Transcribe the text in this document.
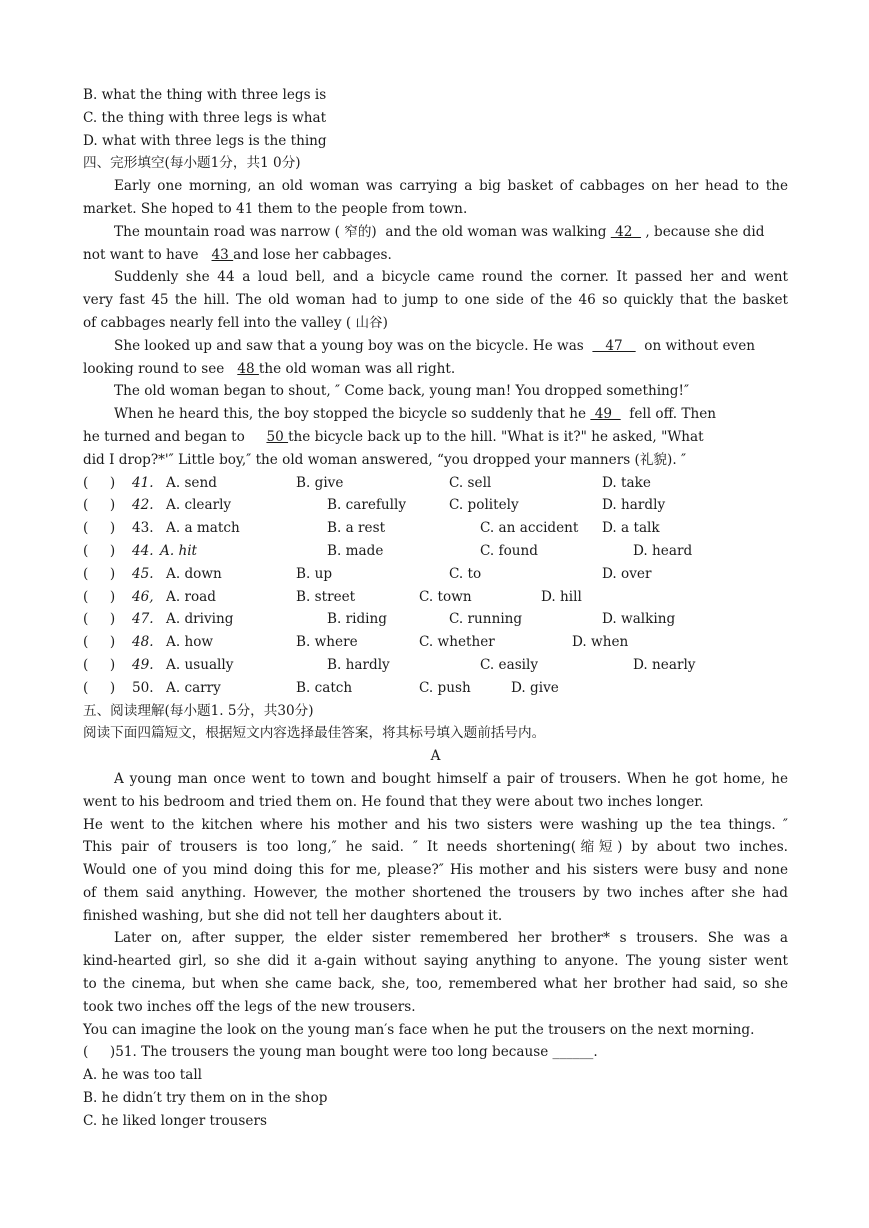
B. what the thing with three legs is
C. the thing with three legs is what
D. what with three legs is the thing
四、完形填空(每小题1分，共1 0分)
Early one morning, an old woman was carrying a big basket of cabbages on her head to the
market. She hoped to 41 them to the people from town.
The mountain road was narrow ( 窄的)  and the old woman was walking  42   , because she did
not want to have   43 and lose her cabbages.
Suddenly she 44 a loud bell, and a bicycle came round the corner. It passed her and went
very fast 45 the hill. The old woman had to jump to one side of the 46 so quickly that the basket
of cabbages nearly fell into the valley ( 山谷)
She looked up and saw that a young boy was on the bicycle. He was     47     on without even
looking round to see   48 the old woman was all right.
The old woman began to shout, ″ Come back, young man! You dropped something!″
When he heard this, the boy stopped the bicycle so suddenly that he  49    fell off. Then
he turned and began to     50 the bicycle back up to the hill. "What is it?" he asked, "What
did I drop?*'″ Little boy,″ the old woman answered, “you dropped your manners (礼貌). ″
(     ) 41. A. send	B. give	C. sell	D. take
(     ) 42. A. clearly	B. carefully	C. politely	D. hardly
(     ) 43. A. a match	B. a rest	C. an accident D. a talk
(     ) 44. A. hit	B. made	C. found	D. heard
(     ) 45. A. down	B. up	C. to	D. over
(     ) 46, A. road	B. street	C. town	D. hill
(     ) 47. A. driving	B. riding	C. running	D. walking
(     ) 48. A. how	B. where	C. whether	D. when
(     ) 49. A. usually	B. hardly	C. easily	D. nearly
(     ) 50. A. carry	B. catch	C. push	D. give
五、阅读理解(每小题1. 5分，共30分)
阅读下面四篇短文，根据短文内容选择最佳答案，将其标号填入题前括号内。
A
A young man once went to town and bought himself a pair of trousers. When he got home, he
went to his bedroom and tried them on. He found that they were about two inches longer.
He went to the kitchen where his mother and his two sisters were washing up the tea things. ″
This pair of trousers is too long,″ he said. ″ It needs shortening(缩短) by about two inches.
Would one of you mind doing this for me, please?″ His mother and his sisters were busy and none
of them said anything. However, the mother shortened the trousers by two inches after she had
finished washing, but she did not tell her daughters about it.
Later on, after supper, the elder sister remembered her brother* s trousers. She was a
kind-hearted girl, so she did it a-gain without saying anything to anyone. The young sister went
to the cinema, but when she came back, she, too, remembered what her brother had said, so she
took two inches off the legs of the new trousers.
You can imagine the look on the young man′s face when he put the trousers on the next morning.
(     )51. The trousers the young man bought were too long because ______.
A. he was too tall
B. he didn′t try them on in the shop
C. he liked longer trousers
